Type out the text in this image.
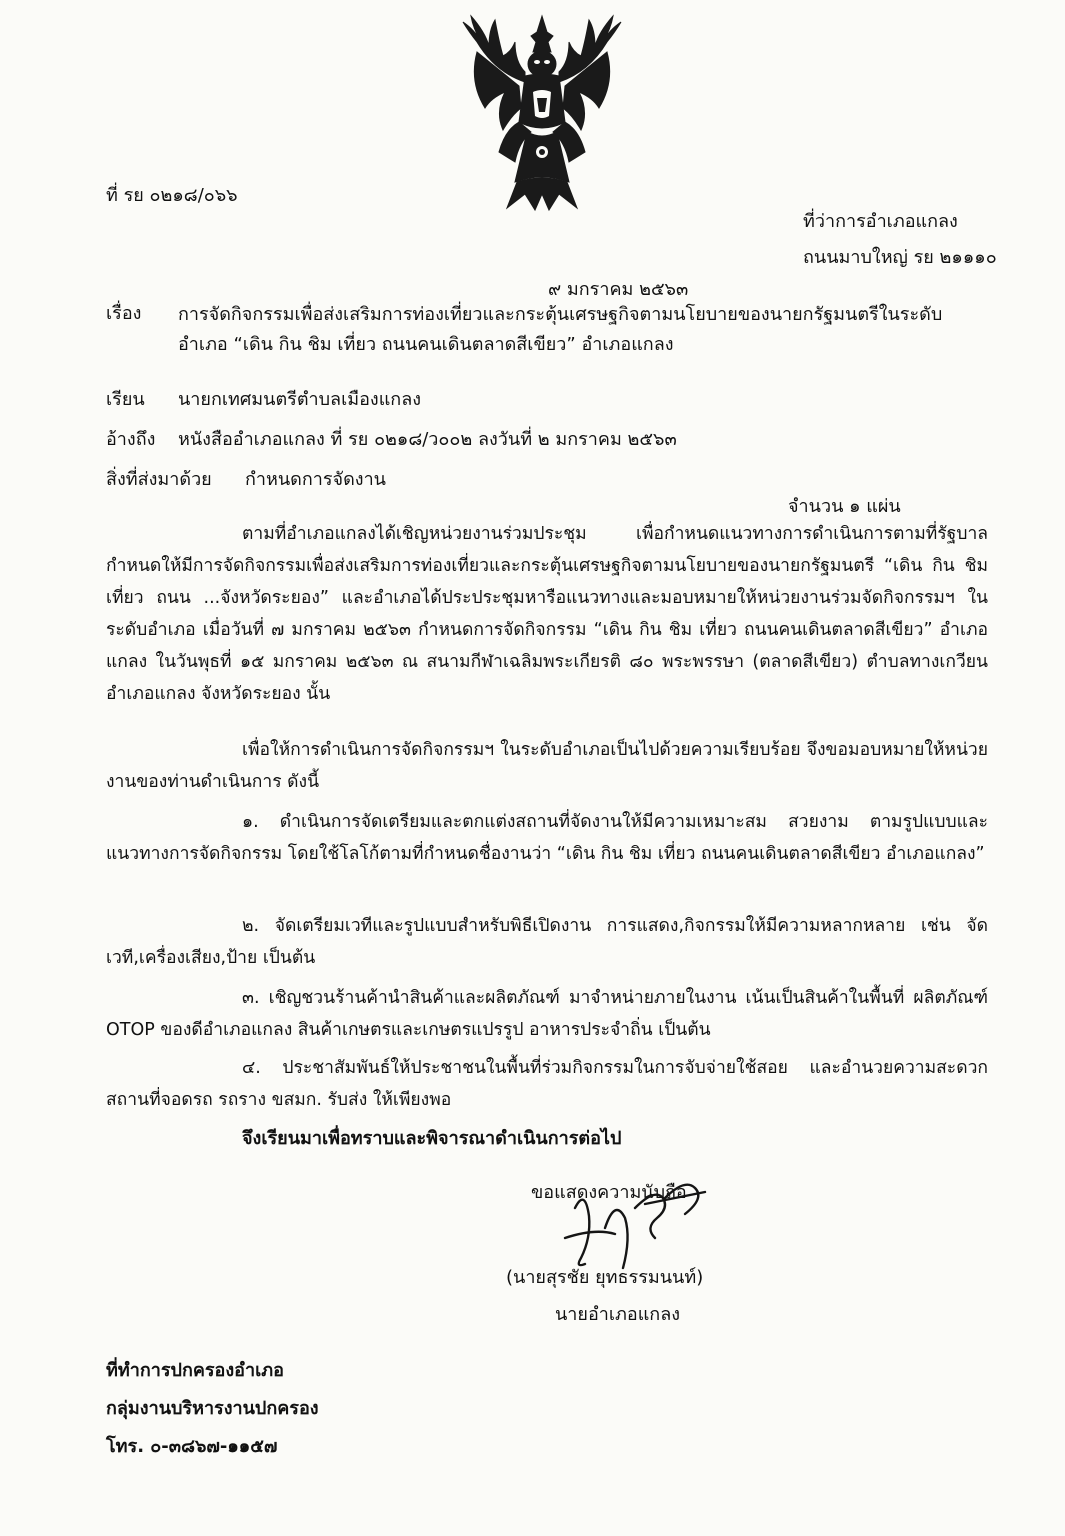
ที่ รย ๐๒๑๘/๐๖๖
ที่ว่าการอำเภอแกลง
ถนนมาบใหญ่ รย ๒๑๑๑๐
๙ มกราคม ๒๕๖๓
เรื่อง การจัดกิจกรรมเพื่อส่งเสริมการท่องเที่ยวและกระตุ้นเศรษฐกิจตามนโยบายของนายกรัฐมนตรีในระดับ
อำเภอ “เดิน กิน ชิม เที่ยว ถนนคนเดินตลาดสีเขียว” อำเภอแกลง
เรียน นายกเทศมนตรีตำบลเมืองแกลง
อ้างถึง หนังสืออำเภอแกลง ที่ รย ๐๒๑๘/ว๐๐๒ ลงวันที่ ๒ มกราคม ๒๕๖๓
สิ่งที่ส่งมาด้วย กำหนดการจัดงาน
จำนวน ๑ แผ่น
ตามที่อำเภอแกลงได้เชิญหน่วยงานร่วมประชุม เพื่อกำหนดแนวทางการดำเนินการตามที่รัฐบาลกำหนดให้มีการจัดกิจกรรมเพื่อส่งเสริมการท่องเที่ยวและกระตุ้นเศรษฐกิจตามนโยบายของนายกรัฐมนตรี “เดิน กิน ชิม เที่ยว ถนน ...จังหวัดระยอง” และอำเภอได้ประประชุมหารือแนวทางและมอบหมายให้หน่วยงานร่วมจัดกิจกรรมฯ ในระดับอำเภอ เมื่อวันที่ ๗ มกราคม ๒๕๖๓ กำหนดการจัดกิจกรรม “เดิน กิน ชิม เที่ยว ถนนคนเดินตลาดสีเขียว” อำเภอแกลง ในวันพุธที่ ๑๕ มกราคม ๒๕๖๓ ณ สนามกีฬาเฉลิมพระเกียรติ ๘๐ พระพรรษา (ตลาดสีเขียว) ตำบลทางเกวียน อำเภอแกลง จังหวัดระยอง นั้น
เพื่อให้การดำเนินการจัดกิจกรรมฯ ในระดับอำเภอเป็นไปด้วยความเรียบร้อย จึงขอมอบหมายให้หน่วยงานของท่านดำเนินการ ดังนี้
๑. ดำเนินการจัดเตรียมและตกแต่งสถานที่จัดงานให้มีความเหมาะสม สวยงาม ตามรูปแบบและแนวทางการจัดกิจกรรม โดยใช้โลโก้ตามที่กำหนดชื่องานว่า “เดิน กิน ชิม เที่ยว ถนนคนเดินตลาดสีเขียว อำเภอแกลง”
๒. จัดเตรียมเวทีและรูปแบบสำหรับพิธีเปิดงาน การแสดง,กิจกรรมให้มีความหลากหลาย เช่น จัดเวที,เครื่องเสียง,ป้าย เป็นต้น
๓. เชิญชวนร้านค้านำสินค้าและผลิตภัณฑ์ มาจำหน่ายภายในงาน เน้นเป็นสินค้าในพื้นที่ ผลิตภัณฑ์ OTOP ของดีอำเภอแกลง สินค้าเกษตรและเกษตรแปรรูป อาหารประจำถิ่น เป็นต้น
๔. ประชาสัมพันธ์ให้ประชาชนในพื้นที่ร่วมกิจกรรมในการจับจ่ายใช้สอย และอำนวยความสะดวกสถานที่จอดรถ รถราง ขสมก. รับส่ง ให้เพียงพอ
จึงเรียนมาเพื่อทราบและพิจารณาดำเนินการต่อไป
ขอแสดงความนับถือ
(นายสุรชัย ยุทธรรมนนท์)
นายอำเภอแกลง
ที่ทำการปกครองอำเภอ
กลุ่มงานบริหารงานปกครอง
โทร. ๐-๓๘๖๗-๑๑๕๗
